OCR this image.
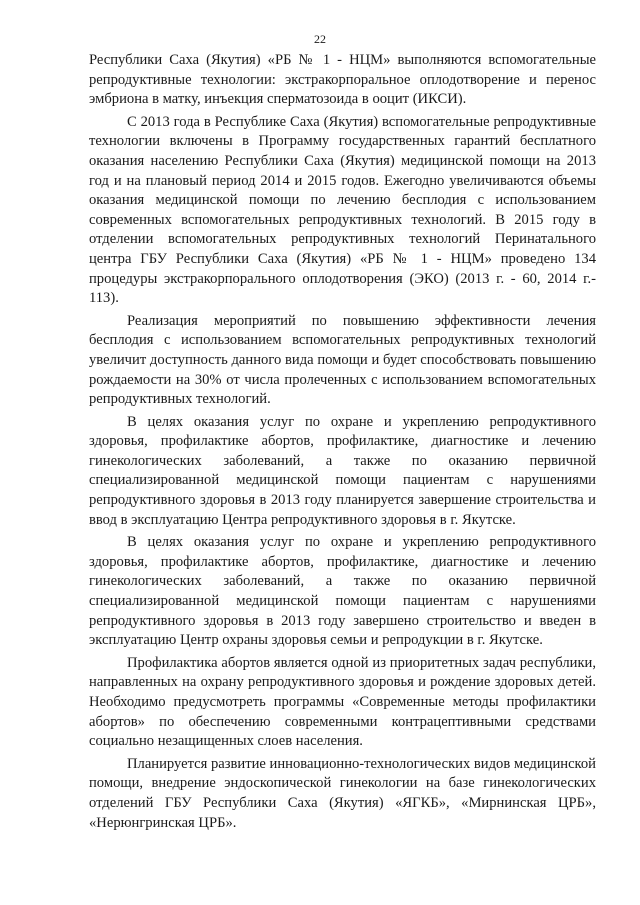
22

Республики Саха (Якутия) «РБ № 1 - НЦМ» выполняются вспомогательные репродуктивные технологии: экстракорпоральное оплодотворение и перенос эмбриона в матку, инъекция сперматозоида в ооцит (ИКСИ).

С 2013 года в Республике Саха (Якутия) вспомогательные репродуктивные технологии включены в Программу государственных гарантий бесплатного оказания населению Республики Саха (Якутия) медицинской помощи на 2013 год и на плановый период 2014 и 2015 годов. Ежегодно увеличиваются объемы оказания медицинской помощи по лечению бесплодия с использованием современных вспомогательных репродуктивных технологий. В 2015 году в отделении вспомогательных репродуктивных технологий Перинатального центра ГБУ Республики Саха (Якутия) «РБ № 1 - НЦМ» проведено 134 процедуры экстракорпорального оплодотворения (ЭКО) (2013 г. - 60, 2014 г.- 113).

Реализация мероприятий по повышению эффективности лечения бесплодия с использованием вспомогательных репродуктивных технологий увеличит доступность данного вида помощи и будет способствовать повышению рождаемости на 30% от числа пролеченных с использованием вспомогательных репродуктивных технологий.

В целях оказания услуг по охране и укреплению репродуктивного здоровья, профилактике абортов, профилактике, диагностике и лечению гинекологических заболеваний, а также по оказанию первичной специализированной медицинской помощи пациентам с нарушениями репродуктивного здоровья в 2013 году планируется завершение строительства и ввод в эксплуатацию Центра репродуктивного здоровья в г. Якутске.

В целях оказания услуг по охране и укреплению репродуктивного здоровья, профилактике абортов, профилактике, диагностике и лечению гинекологических заболеваний, а также по оказанию первичной специализированной медицинской помощи пациентам с нарушениями репродуктивного здоровья в 2013 году завершено строительство и введен в эксплуатацию Центр охраны здоровья семьи и репродукции в г. Якутске.

Профилактика абортов является одной из приоритетных задач республики, направленных на охрану репродуктивного здоровья и рождение здоровых детей. Необходимо предусмотреть программы «Современные методы профилактики абортов» по обеспечению современными контрацептивными средствами социально незащищенных слоев населения.

Планируется развитие инновационно-технологических видов медицинской помощи, внедрение эндоскопической гинекологии на базе гинекологических отделений ГБУ Республики Саха (Якутия) «ЯГКБ», «Мирнинская ЦРБ», «Нерюнгринская ЦРБ».
